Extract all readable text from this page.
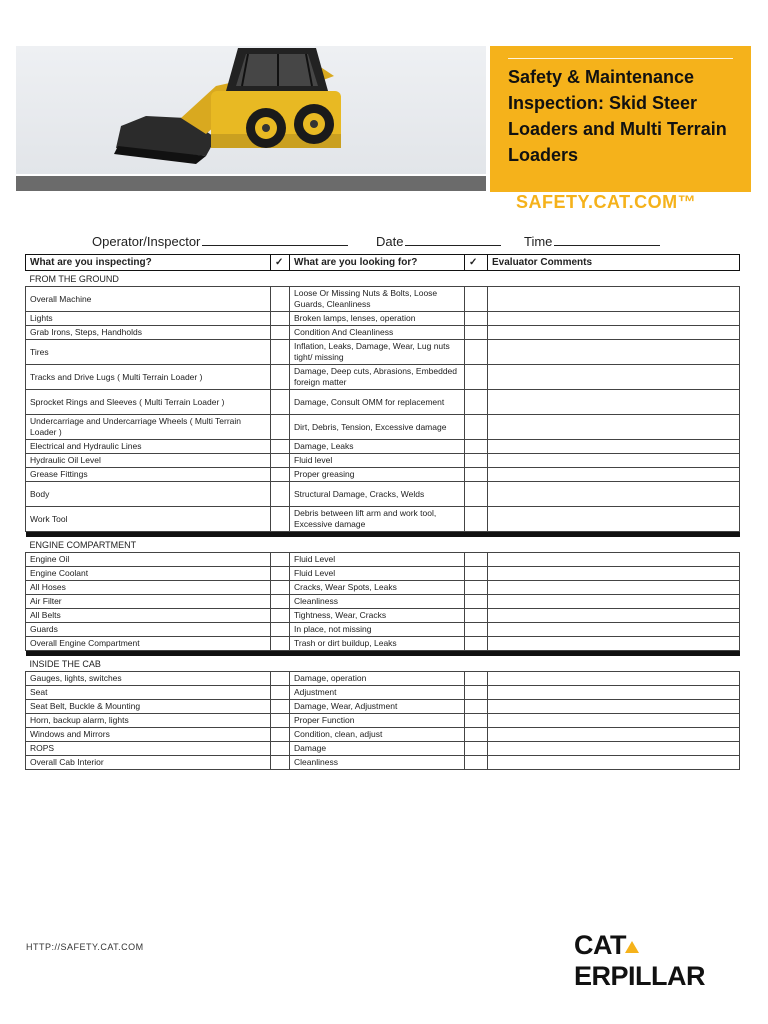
Safety & Maintenance Inspection: Skid Steer Loaders and Multi Terrain Loaders
SAFETY.CAT.COM™
Operator/Inspector	Date	Time
What are you inspecting?	✓	What are you looking for?	✓	Evaluator Comments
FROM THE GROUND				
Overall Machine		Loose Or Missing Nuts & Bolts, Loose Guards, Cleanliness		
Lights		Broken lamps, lenses, operation		
Grab Irons, Steps, Handholds		Condition And Cleanliness		
Tires		Inflation, Leaks, Damage, Wear, Lug nuts tight/ missing		
Tracks and Drive Lugs ( Multi Terrain Loader )		Damage, Deep cuts, Abrasions, Embedded foreign matter		
Sprocket Rings and Sleeves ( Multi Terrain Loader )		Damage, Consult OMM for replacement		
Undercarriage and Undercarriage Wheels ( Multi Terrain Loader )		Dirt, Debris, Tension, Excessive damage		
Electrical and Hydraulic Lines		Damage, Leaks		
Hydraulic Oil Level		Fluid level		
Grease Fittings		Proper greasing		
Body		Structural Damage, Cracks, Welds		
Work Tool		Debris between lift arm and work tool, Excessive damage		

ENGINE COMPARTMENT				
Engine Oil		Fluid Level		
Engine Coolant		Fluid Level		
All Hoses		Cracks, Wear Spots, Leaks		
Air Filter		Cleanliness		
All Belts		Tightness, Wear, Cracks		
Guards		In place, not missing		
Overall Engine Compartment		Trash or dirt buildup, Leaks		

INSIDE THE CAB				
Gauges, lights, switches		Damage, operation		
Seat		Adjustment		
Seat Belt, Buckle & Mounting		Damage, Wear, Adjustment		
Horn, backup alarm, lights		Proper Function		
Windows and Mirrors		Condition, clean, adjust		
ROPS		Damage		
Overall Cab Interior		Cleanliness		
HTTP://SAFETY.CAT.COM	CATERPILLAR
